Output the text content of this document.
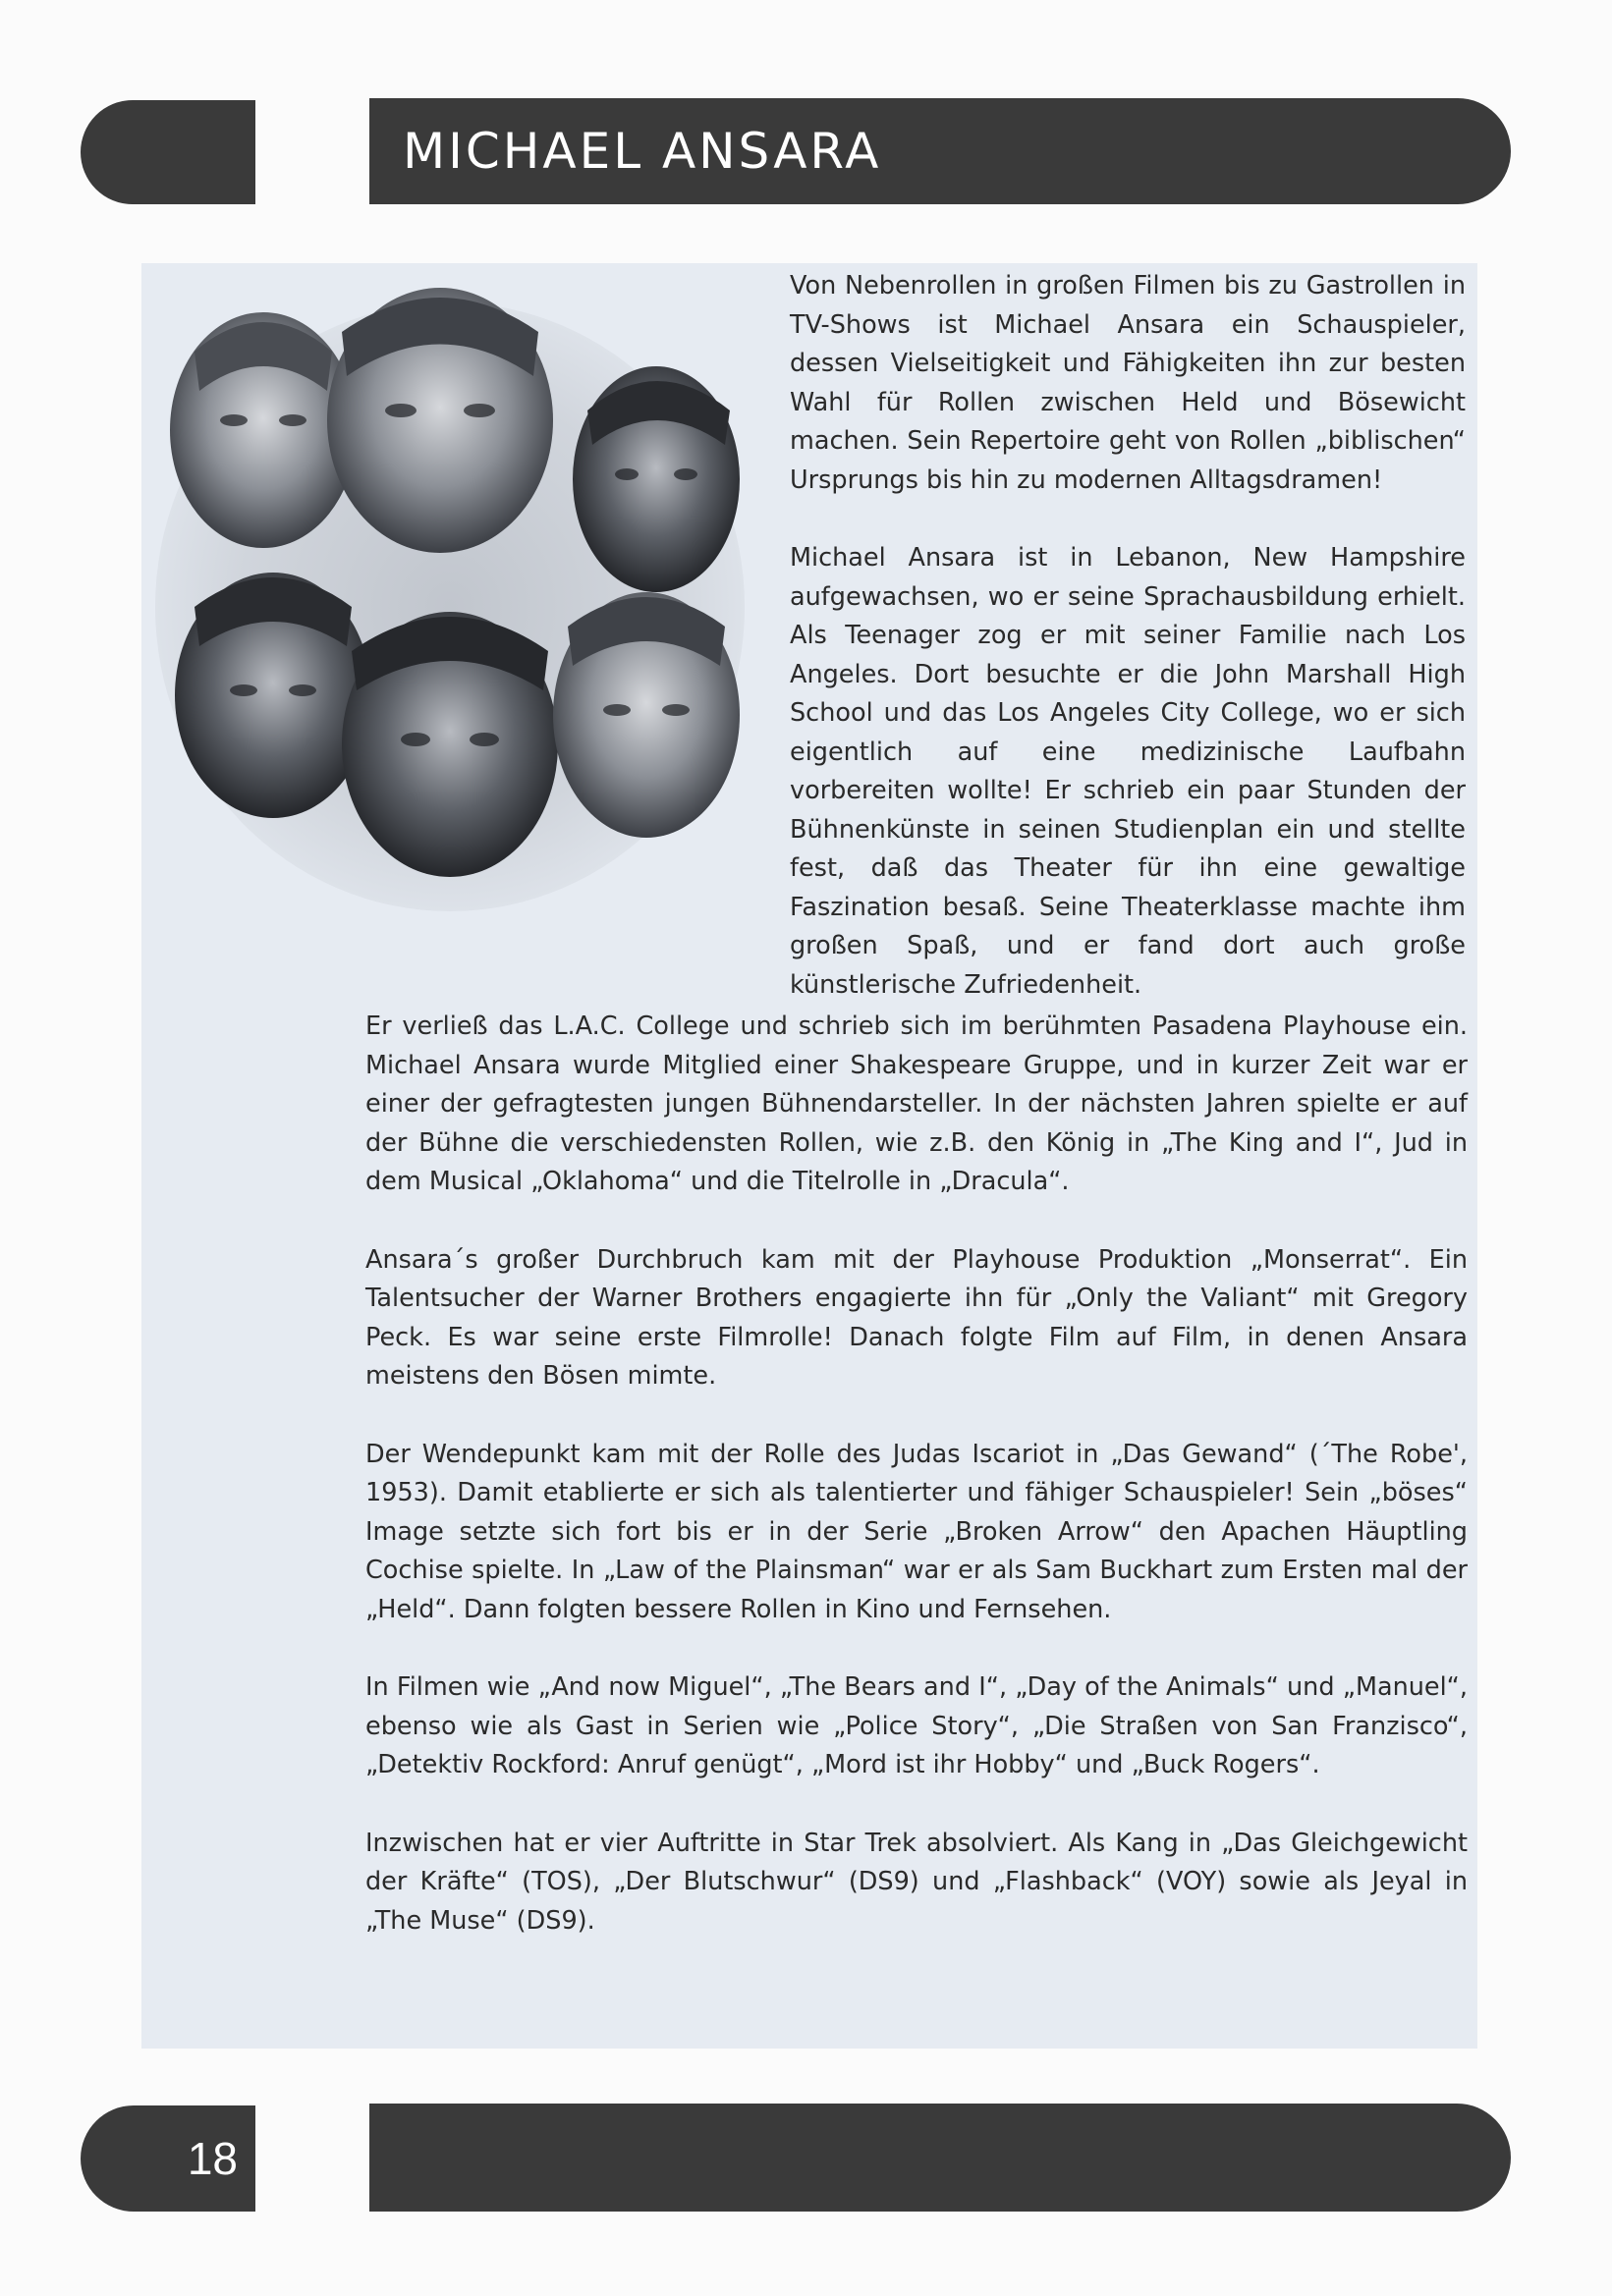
MICHAEL ANSARA

Von Nebenrollen in großen Filmen bis zu Gastrollen in TV-Shows ist Michael Ansara ein Schauspieler, dessen Vielseitigkeit und Fähigkeiten ihn zur besten Wahl für Rollen zwischen Held und Bösewicht machen. Sein Repertoire geht von Rollen „biblischen“ Ursprungs bis hin zu modernen Alltagsdramen!

Michael Ansara ist in Lebanon, New Hampshire aufgewachsen, wo er seine Sprachausbildung erhielt. Als Teenager zog er mit seiner Familie nach Los Angeles. Dort besuchte er die John Marshall High School und das Los Angeles City College, wo er sich eigentlich auf eine medizinische Laufbahn vorbereiten wollte! Er schrieb ein paar Stunden der Bühnenkünste in seinen Studienplan ein und stellte fest, daß das Theater für ihn eine gewaltige Faszination besaß. Seine Theaterklasse machte ihm großen Spaß, und er fand dort auch große künstlerische Zufriedenheit.

Er verließ das L.A.C. College und schrieb sich im berühmten Pasadena Playhouse ein. Michael Ansara wurde Mitglied einer Shakespeare Gruppe, und in kurzer Zeit war er einer der gefragtesten jungen Bühnendarsteller. In der nächsten Jahren spielte er auf der Bühne die verschiedensten Rollen, wie z.B. den König in „The King and I“, Jud in dem Musical „Oklahoma“ und die Titelrolle in „Dracula“.

Ansara´s großer Durchbruch kam mit der Playhouse Produktion „Monserrat“. Ein Talentsucher der Warner Brothers engagierte ihn für „Only the Valiant“ mit Gregory Peck. Es war seine erste Filmrolle! Danach folgte Film auf Film, in denen Ansara meistens den Bösen mimte.

Der Wendepunkt kam mit der Rolle des Judas Iscariot in „Das Gewand“ (´The Robe', 1953). Damit etablierte er sich als talentierter und fähiger Schauspieler! Sein „böses“ Image setzte sich fort bis er in der Serie „Broken Arrow“ den Apachen Häuptling Cochise spielte. In „Law of the Plainsman“ war er als Sam Buckhart zum Ersten mal der „Held“. Dann folgten bessere Rollen in Kino und Fernsehen.

In Filmen wie „And now Miguel“, „The Bears and I“, „Day of the Animals“ und „Manuel“, ebenso wie als Gast in Serien wie „Police Story“, „Die Straßen von San Franzisco“, „Detektiv Rockford: Anruf genügt“, „Mord ist ihr Hobby“ und „Buck Rogers“.

Inzwischen hat er vier Auftritte in Star Trek absolviert. Als Kang in „Das Gleichgewicht der Kräfte“ (TOS), „Der Blutschwur“ (DS9) und „Flashback“ (VOY) sowie als Jeyal in „The Muse“ (DS9).

18
